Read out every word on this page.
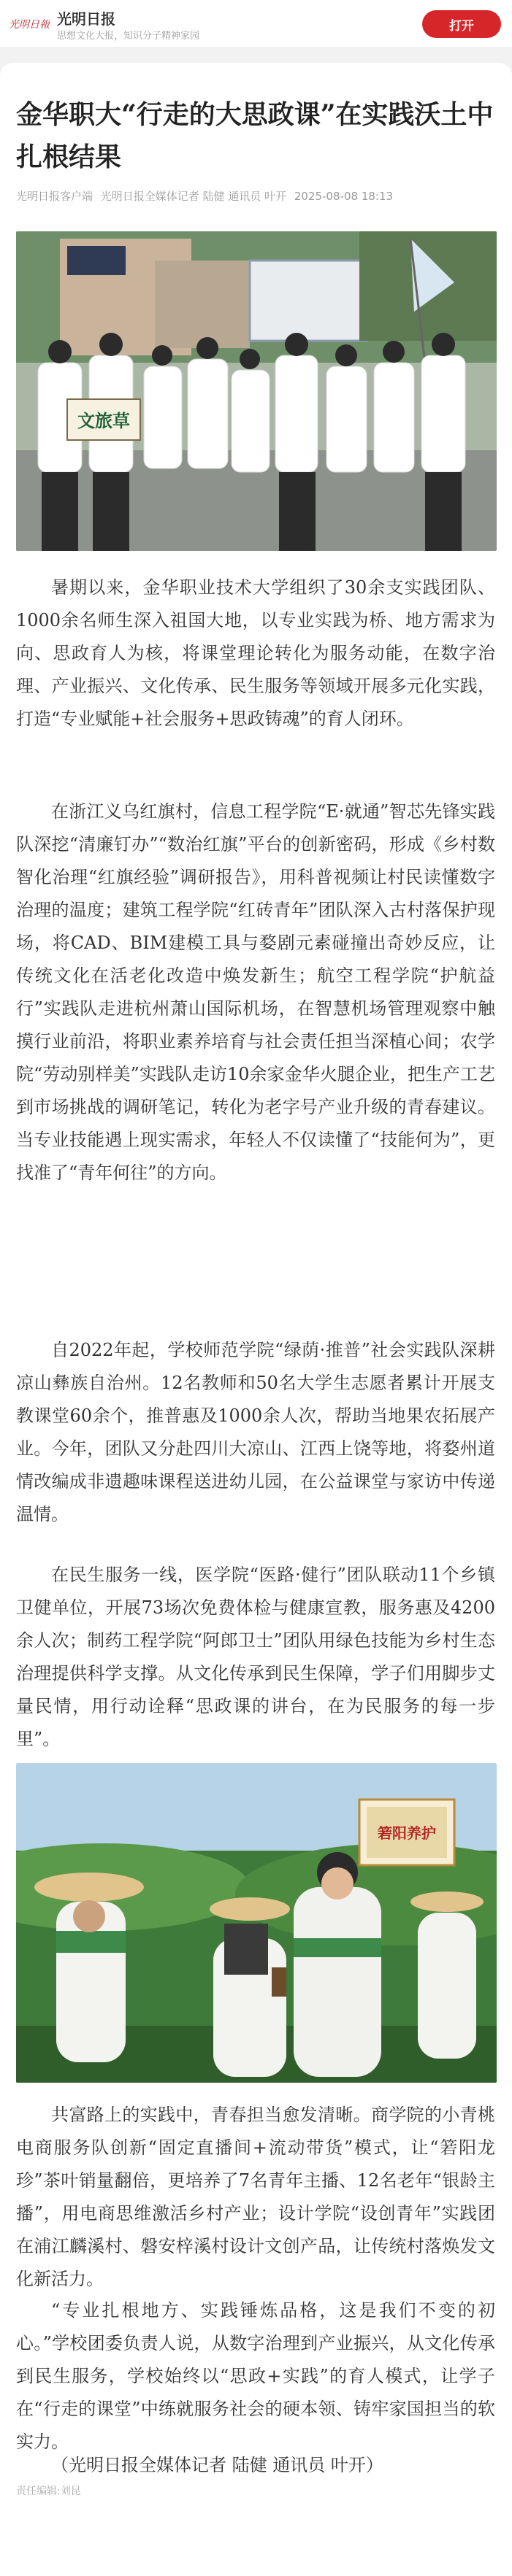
光明日報 光明日报
思想文化大报，知识分子精神家园
打开
金华职大“行走的大思政课”在实践沃土中扎根结果
光明日报客户端 光明日报全媒体记者 陆健 通讯员 叶开 2025-08-08 18:13
文旅草

暑期以来，金华职业技术大学组织了30余支实践团队、1000余名师生深入祖国大地，以专业实践为桥、地方需求为向、思政育人为核，将课堂理论转化为服务动能，在数字治理、产业振兴、文化传承、民生服务等领域开展多元化实践，打造“专业赋能+社会服务+思政铸魂”的育人闭环。

在浙江义乌红旗村，信息工程学院“E·就通”智芯先锋实践队深挖“清廉钉办”“数治红旗”平台的创新密码，形成《乡村数智化治理“红旗经验”调研报告》，用科普视频让村民读懂数字治理的温度；建筑工程学院“红砖青年”团队深入古村落保护现场，将CAD、BIM建模工具与婺剧元素碰撞出奇妙反应，让传统文化在活老化改造中焕发新生；航空工程学院“护航益行”实践队走进杭州萧山国际机场，在智慧机场管理观察中触摸行业前沿，将职业素养培育与社会责任担当深植心间；农学院“劳动别样美”实践队走访10余家金华火腿企业，把生产工艺到市场挑战的调研笔记，转化为老字号产业升级的青春建议。当专业技能遇上现实需求，年轻人不仅读懂了“技能何为”，更找准了“青年何往”的方向。

自2022年起，学校师范学院“绿荫·推普”社会实践队深耕凉山彝族自治州。12名教师和50名大学生志愿者累计开展支教课堂60余个，推普惠及1000余人次，帮助当地果农拓展产业。今年，团队又分赴四川大凉山、江西上饶等地，将婺州道情改编成非遗趣味课程送进幼儿园，在公益课堂与家访中传递温情。

在民生服务一线，医学院“医路·健行”团队联动11个乡镇卫健单位，开展73场次免费体检与健康宣教，服务惠及4200余人次；制药工程学院“阿郎卫士”团队用绿色技能为乡村生态治理提供科学支撑。从文化传承到民生保障，学子们用脚步丈量民情，用行动诠释“思政课的讲台，在为民服务的每一步里”。

箬阳养护

共富路上的实践中，青春担当愈发清晰。商学院的小青桃电商服务队创新“固定直播间+流动带货”模式，让“箬阳龙珍”茶叶销量翻倍，更培养了7名青年主播、12名老年“银龄主播”，用电商思维激活乡村产业；设计学院“设创青年”实践团在浦江麟溪村、磐安梓溪村设计文创产品，让传统村落焕发文化新活力。

“专业扎根地方、实践锤炼品格，这是我们不变的初心。”学校团委负责人说，从数字治理到产业振兴，从文化传承到民生服务，学校始终以“思政+实践”的育人模式，让学子在“行走的课堂”中练就服务社会的硬本领、铸牢家国担当的软实力。

（光明日报全媒体记者 陆健 通讯员 叶开）

责任编辑:刘昆
